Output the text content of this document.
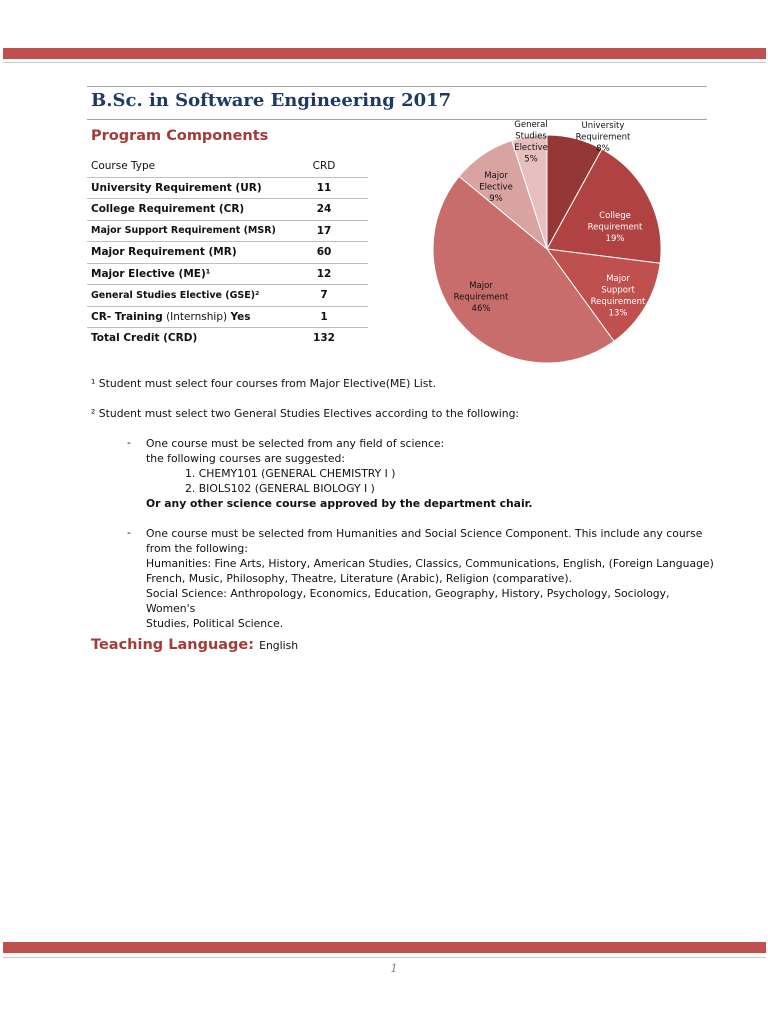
B.Sc. in Software Engineering 2017
Program Components
Course Type	CRD
University Requirement (UR)	11
College Requirement (CR)	24
Major Support Requirement (MSR)	17
Major Requirement (MR)	60
Major Elective (ME)¹	12
General Studies Elective (GSE)²	7
CR- Training (Internship) Yes	1
Total Credit (CRD)	132
University Requirement 8%
College Requirement 19%
Major Support Requirement 13%
Major Requirement 46%
Major Elective 9%
General Studies Elective 5%
¹ Student must select four courses from Major Elective(ME) List.
² Student must select two General Studies Electives according to the following:
- One course must be selected from any field of science:
the following courses are suggested:
1. CHEMY101 (GENERAL CHEMISTRY I )
2. BIOLS102 (GENERAL BIOLOGY I )
Or any other science course approved by the department chair.
- One course must be selected from Humanities and Social Science Component. This include any course
from the following:
Humanities: Fine Arts, History, American Studies, Classics, Communications, English, (Foreign Language)
French, Music, Philosophy, Theatre, Literature (Arabic), Religion (comparative).
Social Science: Anthropology, Economics, Education, Geography, History, Psychology, Sociology, Women's
Studies, Political Science.
Teaching Language: English
1
